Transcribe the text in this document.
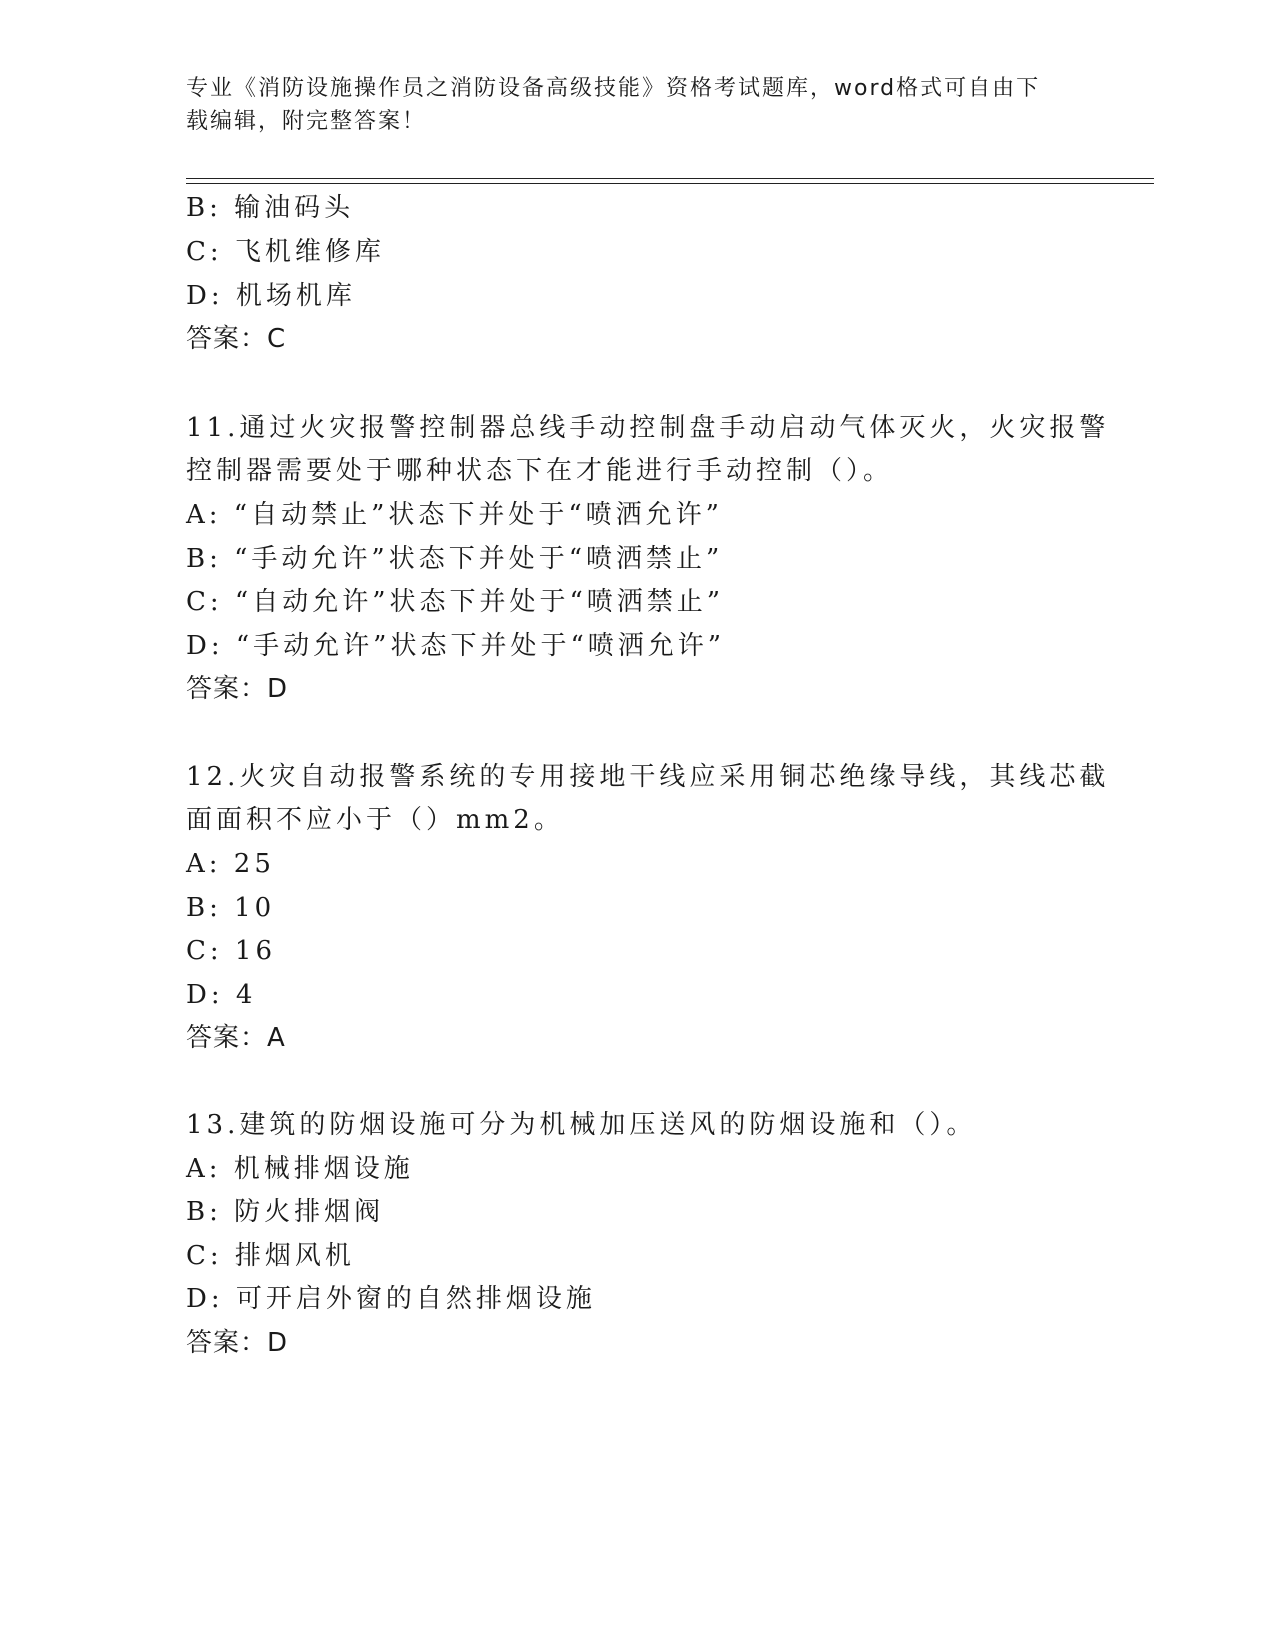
专业《消防设施操作员之消防设备高级技能》资格考试题库，word格式可自由下
载编辑，附完整答案！
B: 输油码头
C: 飞机维修库
D: 机场机库
答案：C
11.通过火灾报警控制器总线手动控制盘手动启动气体灭火，火灾报警
控制器需要处于哪种状态下在才能进行手动控制（）。
A: “自动禁止”状态下并处于“喷洒允许”
B: “手动允许”状态下并处于“喷洒禁止”
C: “自动允许”状态下并处于“喷洒禁止”
D: “手动允许”状态下并处于“喷洒允许”
答案：D
12.火灾自动报警系统的专用接地干线应采用铜芯绝缘导线，其线芯截
面面积不应小于（）mm2。
A: 25
B: 10
C: 16
D: 4
答案：A
13.建筑的防烟设施可分为机械加压送风的防烟设施和（）。
A: 机械排烟设施
B: 防火排烟阀
C: 排烟风机
D: 可开启外窗的自然排烟设施
答案：D
